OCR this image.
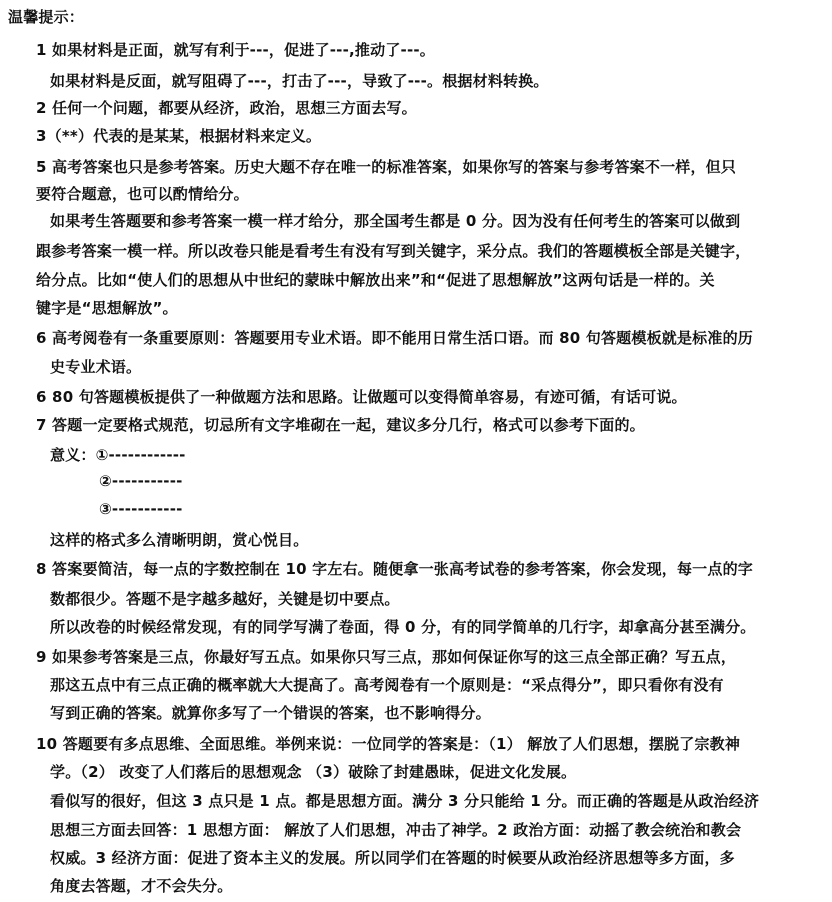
温馨提示：
1 如果材料是正面，就写有利于---，促进了---,推动了---。
如果材料是反面，就写阻碍了---，打击了---，导致了---。根据材料转换。
2 任何一个问题，都要从经济，政治，思想三方面去写。
3（**）代表的是某某，根据材料来定义。
5 高考答案也只是参考答案。历史大题不存在唯一的标准答案，如果你写的答案与参考答案不一样，但只
要符合题意，也可以酌情给分。
如果考生答题要和参考答案一模一样才给分，那全国考生都是 0 分。因为没有任何考生的答案可以做到
跟参考答案一模一样。所以改卷只能是看考生有没有写到关键字，采分点。我们的答题模板全部是关键字，
给分点。比如“使人们的思想从中世纪的蒙昧中解放出来”和“促进了思想解放”这两句话是一样的。关
键字是“思想解放”。
6 高考阅卷有一条重要原则：答题要用专业术语。即不能用日常生活口语。而 80 句答题模板就是标准的历
史专业术语。
6 80 句答题模板提供了一种做题方法和思路。让做题可以变得简单容易，有迹可循，有话可说。
7 答题一定要格式规范，切忌所有文字堆砌在一起，建议多分几行，格式可以参考下面的。
意义：①------------
②-----------
③-----------
这样的格式多么清晰明朗，赏心悦目。
8 答案要简洁，每一点的字数控制在 10 字左右。随便拿一张高考试卷的参考答案，你会发现，每一点的字
数都很少。答题不是字越多越好，关键是切中要点。
所以改卷的时候经常发现，有的同学写满了卷面，得 0 分，有的同学简单的几行字，却拿高分甚至满分。
9 如果参考答案是三点，你最好写五点。如果你只写三点，那如何保证你写的这三点全部正确？写五点，
那这五点中有三点正确的概率就大大提高了。高考阅卷有一个原则是：“采点得分”，即只看你有没有
写到正确的答案。就算你多写了一个错误的答案，也不影响得分。
10 答题要有多点思维、全面思维。举例来说：一位同学的答案是：（1） 解放了人们思想，摆脱了宗教神
学。（2） 改变了人们落后的思想观念 （3）破除了封建愚昧，促进文化发展。
看似写的很好，但这 3 点只是 1 点。都是思想方面。满分 3 分只能给 1 分。而正确的答题是从政治经济
思想三方面去回答：1 思想方面： 解放了人们思想，冲击了神学。2 政治方面：动摇了教会统治和教会
权威。3 经济方面：促进了资本主义的发展。所以同学们在答题的时候要从政治经济思想等多方面，多
角度去答题，才不会失分。
